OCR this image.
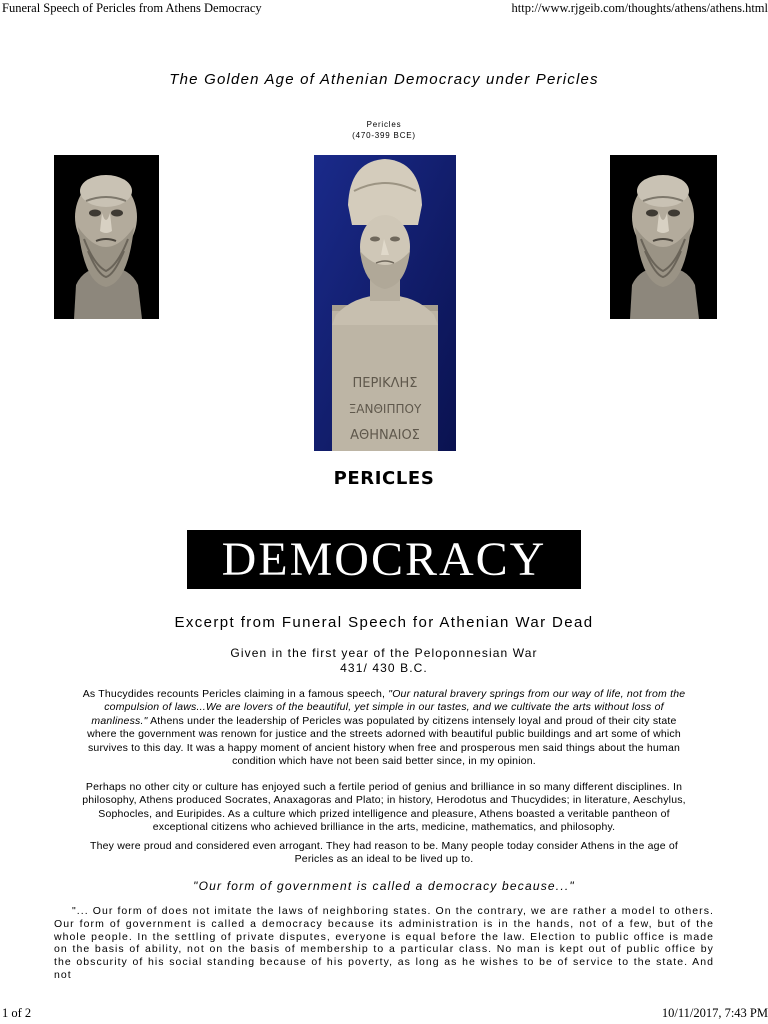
Funeral Speech of Pericles from Athens Democracy	http://www.rjgeib.com/thoughts/athens/athens.html
The Golden Age of Athenian Democracy under Pericles
Pericles
(470-399 BCE)
ΠΕΡΙΚΛΗΣ
ΞΑΝΘΙΠΠΟΥ
ΑΘΗΝΑΙΟΣ
PERICLES
DEMOCRACY
Excerpt from Funeral Speech for Athenian War Dead
Given in the first year of the Peloponnesian War
431/ 430 B.C.
As Thucydides recounts Pericles claiming in a famous speech, "Our natural bravery springs from our way of life, not from the compulsion of laws...We are lovers of the beautiful, yet simple in our tastes, and we cultivate the arts without loss of manliness." Athens under the leadership of Pericles was populated by citizens intensely loyal and proud of their city state where the government was renown for justice and the streets adorned with beautiful public buildings and art some of which survives to this day. It was a happy moment of ancient history when free and prosperous men said things about the human condition which have not been said better since, in my opinion.
Perhaps no other city or culture has enjoyed such a fertile period of genius and brilliance in so many different disciplines. In philosophy, Athens produced Socrates, Anaxagoras and Plato; in history, Herodotus and Thucydides; in literature, Aeschylus, Sophocles, and Euripides. As a culture which prized intelligence and pleasure, Athens boasted a veritable pantheon of exceptional citizens who achieved brilliance in the arts, medicine, mathematics, and philosophy.
They were proud and considered even arrogant. They had reason to be. Many people today consider Athens in the age of Pericles as an ideal to be lived up to.
"Our form of government is called a democracy because..."
"... Our form of does not imitate the laws of neighboring states. On the contrary, we are rather a model to others. Our form of government is called a democracy because its administration is in the hands, not of a few, but of the whole people. In the settling of private disputes, everyone is equal before the law. Election to public office is made on the basis of ability, not on the basis of membership to a particular class. No man is kept out of public office by the obscurity of his social standing because of his poverty, as long as he wishes to be of service to the state. And not
1 of 2	10/11/2017, 7:43 PM
